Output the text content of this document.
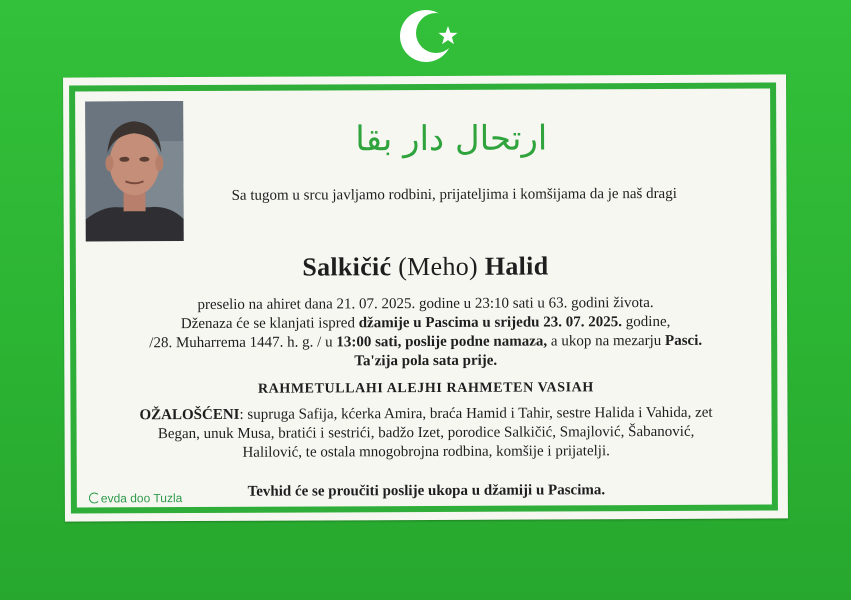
ارتحال دار بقا
Sa tugom u srcu javljamo rodbini, prijateljima i komšijama da je naš dragi
Salkičić (Meho) Halid
preselio na ahiret dana 21. 07. 2025. godine u 23:10 sati u 63. godini života.
Dženaza će se klanjati ispred džamije u Pascima u srijedu 23. 07. 2025. godine,
/28. Muharrema 1447. h. g. / u 13:00 sati, poslije podne namaza, a ukop na mezarju Pasci.
Ta'zija pola sata prije.
RAHMETULLAHI ALEJHI RAHMETEN VASIAH
OŽALOŠĆENI: supruga Safija, kćerka Amira, braća Hamid i Tahir, sestre Halida i Vahida, zet
Began, unuk Musa, bratići i sestrići, badžo Izet, porodice Salkičić, Smajlović, Šabanović,
Halilović, te ostala mnogobrojna rodbina, komšije i prijatelji.
Tevhid će se proučiti poslije ukopa u džamiji u Pascima.
evda doo Tuzla
